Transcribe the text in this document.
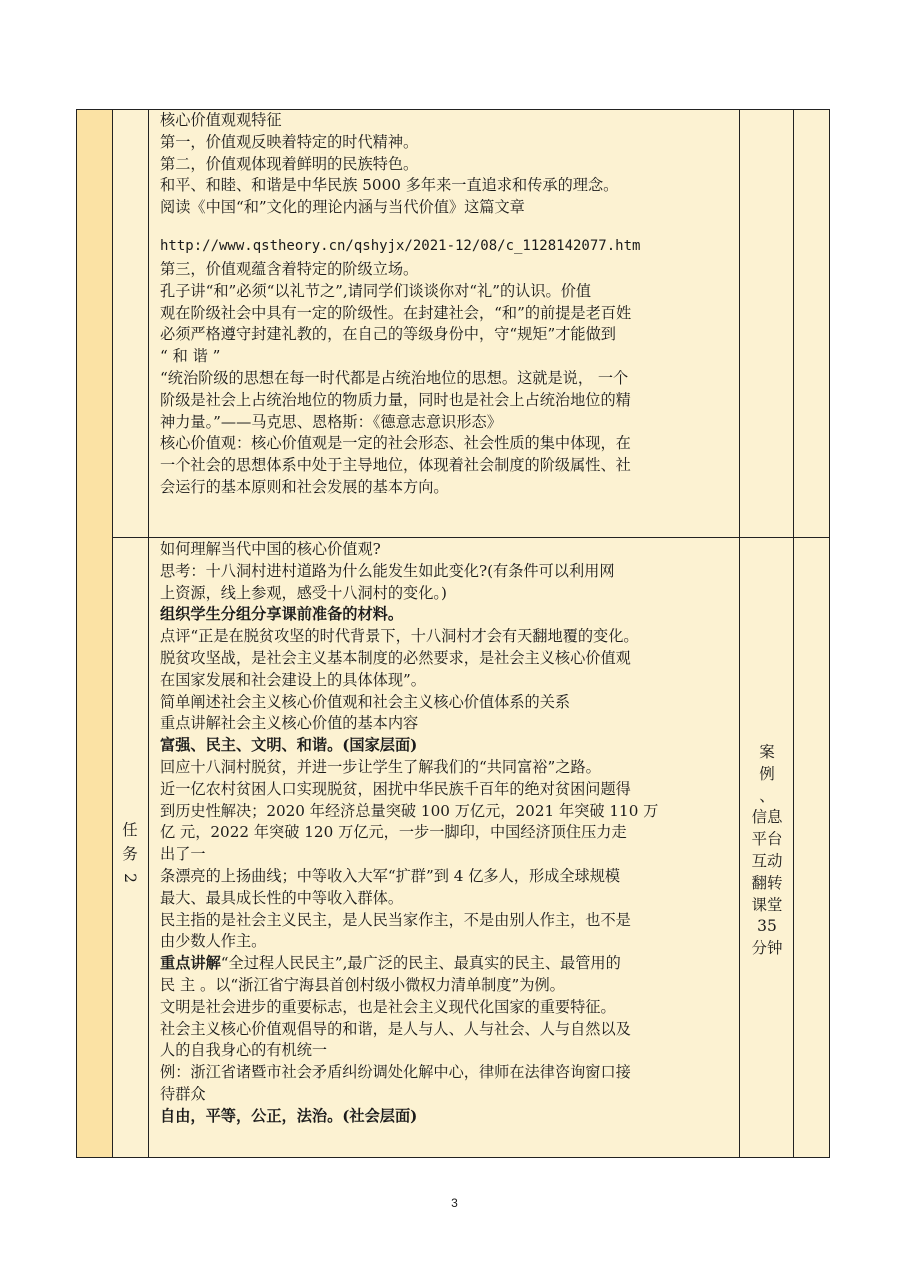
核心价值观观特征

第一，价值观反映着特定的时代精神。

第二，价值观体现着鲜明的民族特色。

和平、和睦、和谐是中华民族 5000 多年来一直追求和传承的理念。

阅读《中国“和”文化的理论内涵与当代价值》这篇文章

http://www.qstheory.cn/qshyjx/2021-12/08/c_1128142077.htm

第三，价值观蕴含着特定的阶级立场。

孔子讲“和”必须“以礼节之”,请同学们谈谈你对“礼”的认识。价值

观在阶级社会中具有一定的阶级性。在封建社会，“和”的前提是老百姓

必须严格遵守封建礼教的，在自己的等级身份中，守“规矩”才能做到

“ 和 谐 ”

“统治阶级的思想在每一时代都是占统治地位的思想。这就是说， 一个

阶级是社会上占统治地位的物质力量，同时也是社会上占统治地位的精

神力量。”——马克思、恩格斯：《德意志意识形态》

核心价值观：核心价值观是一定的社会形态、社会性质的集中体现，在

一个社会的思想体系中处于主导地位，体现着社会制度的阶级属性、社

会运行的基本原则和社会发展的基本方向。

任
务
2

如何理解当代中国的核心价值观?

思考：十八洞村进村道路为什么能发生如此变化?(有条件可以利用网

上资源，线上参观，感受十八洞村的变化。)

组织学生分组分享课前准备的材料。

点评“正是在脱贫攻坚的时代背景下，十八洞村才会有天翻地覆的变化。

脱贫攻坚战，是社会主义基本制度的必然要求，是社会主义核心价值观

在国家发展和社会建设上的具体体现”。

简单阐述社会主义核心价值观和社会主义核心价值体系的关系

重点讲解社会主义核心价值的基本内容

富强、民主、文明、和谐。(国家层面)

回应十八洞村脱贫，并进一步让学生了解我们的“共同富裕”之路。

近一亿农村贫困人口实现脱贫，困扰中华民族千百年的绝对贫困问题得

到历史性解决；2020 年经济总量突破 100 万亿元，2021 年突破 110 万

亿 元，2022 年突破 120 万亿元，一步一脚印，中国经济顶住压力走

出了一

条漂亮的上扬曲线；中等收入大军“扩群”到 4 亿多人，形成全球规模

最大、最具成长性的中等收入群体。

民主指的是社会主义民主，是人民当家作主，不是由别人作主，也不是

由少数人作主。

重点讲解“全过程人民民主”,最广泛的民主、最真实的民主、最管用的

民 主 。以“浙江省宁海县首创村级小微权力清单制度”为例。

文明是社会进步的重要标志，也是社会主义现代化国家的重要特征。

社会主义核心价值观倡导的和谐，是人与人、人与社会、人与自然以及

人的自我身心的有机统一

例：浙江省诸暨市社会矛盾纠纷调处化解中心，律师在法律咨询窗口接

待群众

自由，平等，公正，法治。(社会层面)

案
例
、
信息
平台
互动
翻转
课堂
35
分钟
3
